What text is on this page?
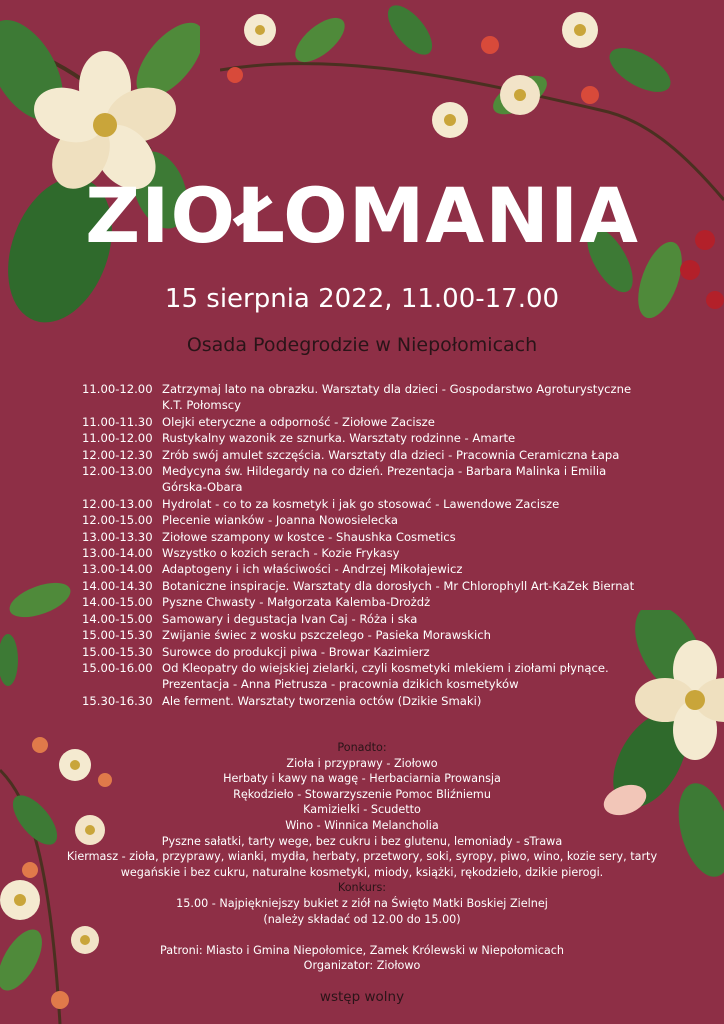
ZIOŁOMANIA
15 sierpnia 2022, 11.00-17.00
Osada Podegrodzie w Niepołomicach
11.00-12.00 Zatrzymaj lato na obrazku. Warsztaty dla dzieci - Gospodarstwo Agroturystyczne K.T. Połomscy
11.00-11.30 Olejki eteryczne a odporność - Ziołowe Zacisze
11.00-12.00 Rustykalny wazonik ze sznurka. Warsztaty rodzinne - Amarte
12.00-12.30 Zrób swój amulet szczęścia. Warsztaty dla dzieci - Pracownia Ceramiczna Łapa
12.00-13.00 Medycyna św. Hildegardy na co dzień. Prezentacja - Barbara Malinka i Emilia Górska-Obara
12.00-13.00 Hydrolat - co to za kosmetyk i jak go stosować - Lawendowe Zacisze
12.00-15.00 Plecenie wianków - Joanna Nowosielecka
13.00-13.30 Ziołowe szampony w kostce - Shaushka Cosmetics
13.00-14.00 Wszystko o kozich serach - Kozie Frykasy
13.00-14.00 Adaptogeny i ich właściwości - Andrzej Mikołajewicz
14.00-14.30 Botaniczne inspiracje. Warsztaty dla dorosłych - Mr Chlorophyll Art-KaZek Biernat
14.00-15.00 Pyszne Chwasty - Małgorzata Kalemba-Drożdż
14.00-15.00 Samowary i degustacja Ivan Caj - Róża i ska
15.00-15.30 Zwijanie świec z wosku pszczelego - Pasieka Morawskich
15.00-15.30 Surowce do produkcji piwa - Browar Kazimierz
15.00-16.00 Od Kleopatry do wiejskiej zielarki, czyli kosmetyki mlekiem i ziołami płynące. Prezentacja - Anna Pietrusza - pracownia dzikich kosmetyków
15.30-16.30 Ale ferment. Warsztaty tworzenia octów (Dzikie Smaki)
Ponadto:
Zioła i przyprawy - Ziołowo
Herbaty i kawy na wagę - Herbaciarnia Prowansja
Rękodzieło - Stowarzyszenie Pomoc Bliźniemu
Kamizielki - Scudetto
Wino - Winnica Melancholia
Pyszne sałatki, tarty wege, bez cukru i bez glutenu, lemoniady - sTrawa
Kiermasz - zioła, przyprawy, wianki, mydła, herbaty, przetwory, soki, syropy, piwo, wino, kozie sery, tarty wegańskie i bez cukru, naturalne kosmetyki, miody, książki, rękodzieło, dzikie pierogi.
Konkurs:
15.00 - Najpiękniejszy bukiet z ziół na Święto Matki Boskiej Zielnej
(należy składać od 12.00 do 15.00)
Patroni: Miasto i Gmina Niepołomice, Zamek Królewski w Niepołomicach
Organizator: Ziołowo
wstęp wolny
